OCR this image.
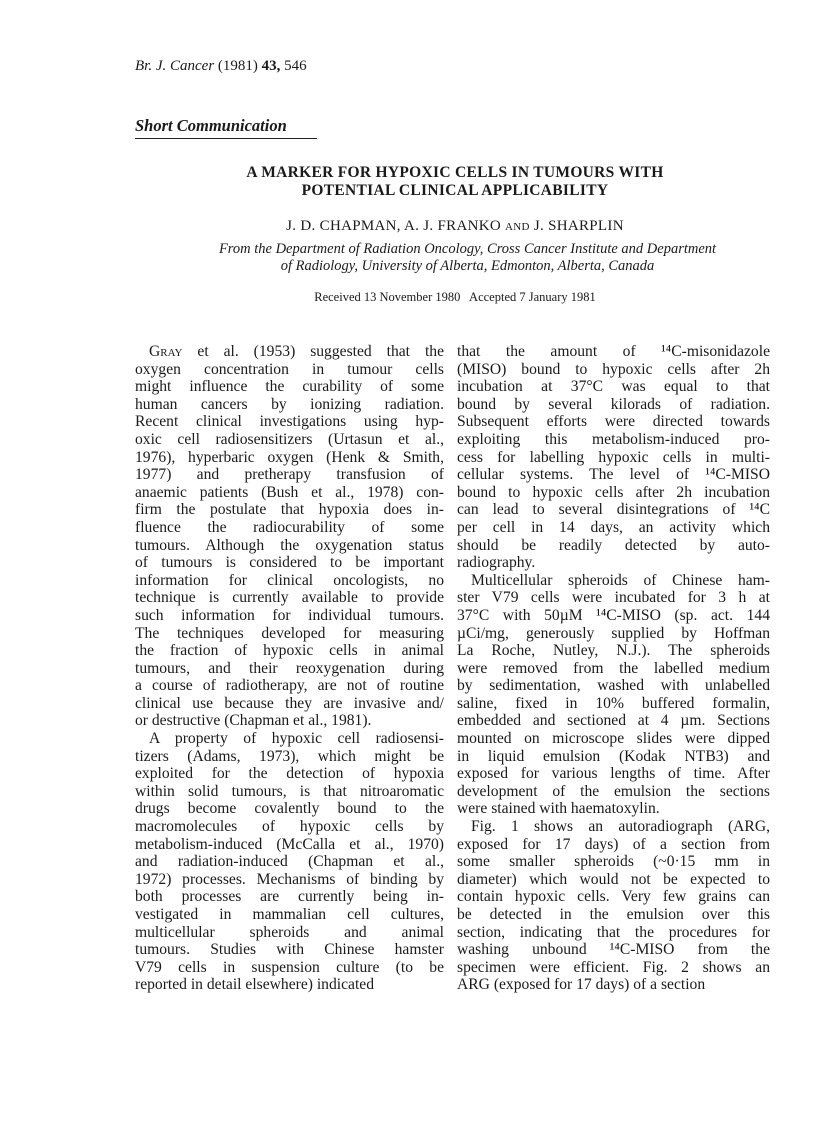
Br. J. Cancer (1981) 43, 546
Short Communication
A MARKER FOR HYPOXIC CELLS IN TUMOURS WITH
POTENTIAL CLINICAL APPLICABILITY
J. D. CHAPMAN, A. J. FRANKO and J. SHARPLIN
From the Department of Radiation Oncology, Cross Cancer Institute and Department
of Radiology, University of Alberta, Edmonton, Alberta, Canada
Received 13 November 1980   Accepted 7 January 1981
Gray et al. (1953) suggested that the
oxygen concentration in tumour cells
might influence the curability of some
human cancers by ionizing radiation.
Recent clinical investigations using hyp-
oxic cell radiosensitizers (Urtasun et al.,
1976), hyperbaric oxygen (Henk & Smith,
1977) and pretherapy transfusion of
anaemic patients (Bush et al., 1978) con-
firm the postulate that hypoxia does in-
fluence the radiocurability of some
tumours. Although the oxygenation status
of tumours is considered to be important
information for clinical oncologists, no
technique is currently available to provide
such information for individual tumours.
The techniques developed for measuring
the fraction of hypoxic cells in animal
tumours, and their reoxygenation during
a course of radiotherapy, are not of routine
clinical use because they are invasive and/
or destructive (Chapman et al., 1981).
A property of hypoxic cell radiosensi-
tizers (Adams, 1973), which might be
exploited for the detection of hypoxia
within solid tumours, is that nitroaromatic
drugs become covalently bound to the
macromolecules of hypoxic cells by
metabolism-induced (McCalla et al., 1970)
and radiation-induced (Chapman et al.,
1972) processes. Mechanisms of binding by
both processes are currently being in-
vestigated in mammalian cell cultures,
multicellular spheroids and animal
tumours. Studies with Chinese hamster
V79 cells in suspension culture (to be
reported in detail elsewhere) indicated
that the amount of ¹⁴C-misonidazole
(MISO) bound to hypoxic cells after 2h
incubation at 37°C was equal to that
bound by several kilorads of radiation.
Subsequent efforts were directed towards
exploiting this metabolism-induced pro-
cess for labelling hypoxic cells in multi-
cellular systems. The level of ¹⁴C-MISO
bound to hypoxic cells after 2h incubation
can lead to several disintegrations of ¹⁴C
per cell in 14 days, an activity which
should be readily detected by auto-
radiography.
Multicellular spheroids of Chinese ham-
ster V79 cells were incubated for 3 h at
37°C with 50µM ¹⁴C-MISO (sp. act. 144
µCi/mg, generously supplied by Hoffman
La Roche, Nutley, N.J.). The spheroids
were removed from the labelled medium
by sedimentation, washed with unlabelled
saline, fixed in 10% buffered formalin,
embedded and sectioned at 4 µm. Sections
mounted on microscope slides were dipped
in liquid emulsion (Kodak NTB3) and
exposed for various lengths of time. After
development of the emulsion the sections
were stained with haematoxylin.
Fig. 1 shows an autoradiograph (ARG,
exposed for 17 days) of a section from
some smaller spheroids (~0·15 mm in
diameter) which would not be expected to
contain hypoxic cells. Very few grains can
be detected in the emulsion over this
section, indicating that the procedures for
washing unbound ¹⁴C-MISO from the
specimen were efficient. Fig. 2 shows an
ARG (exposed for 17 days) of a section
